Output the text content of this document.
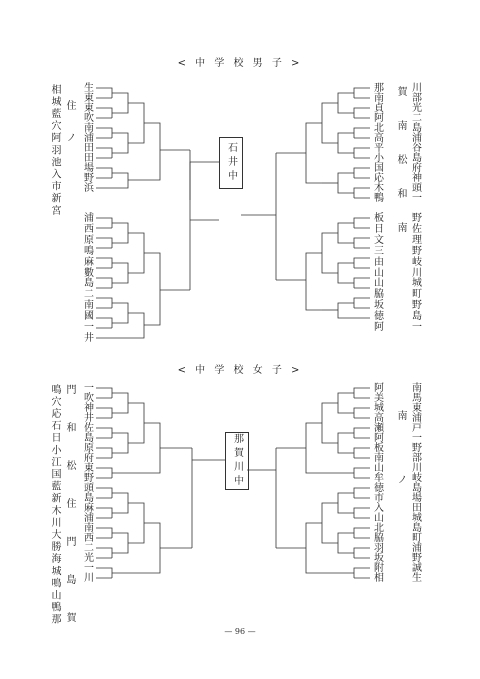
< 中 学 校 男 子 >
< 中 学 校 女 子 >
相城藍穴阿羽池入市新宮 住　ノ
生
東
東
吹
南
浦
田
田
場
野
浜
浦
西
原
鳴
麻
數
島
二
南
國
一
井
那
南
貞
阿
北
高
平
小
国
応
木
鴨
板
日
文
三
由
山
山
脇
坂
徳
阿
川
部
光
二
島
浦
谷
島
府
神
頭
一
野
佐
理
野
岐
川
城
町
野
島
一
賀　南　松　和　南
石井中
鳴穴応石日小江国藍新木川大勝海城鳴山鴨那 門　和　松　住　門　島　賀 一
吹
神
井
佐
島
原
府
東
野
頭
島
麻
浦
南
西
二
光
一
川
阿
美
城
高
瀬
阿
板
南
山
牟
徳
市
入
山
北
脇
羽
坂
附
相
南
馬
東
浦
戸
一
野
部
川
岐
島
場
田
城
島
町
浦
野
誠
生
南　ノ
那賀川中
— 96 —
